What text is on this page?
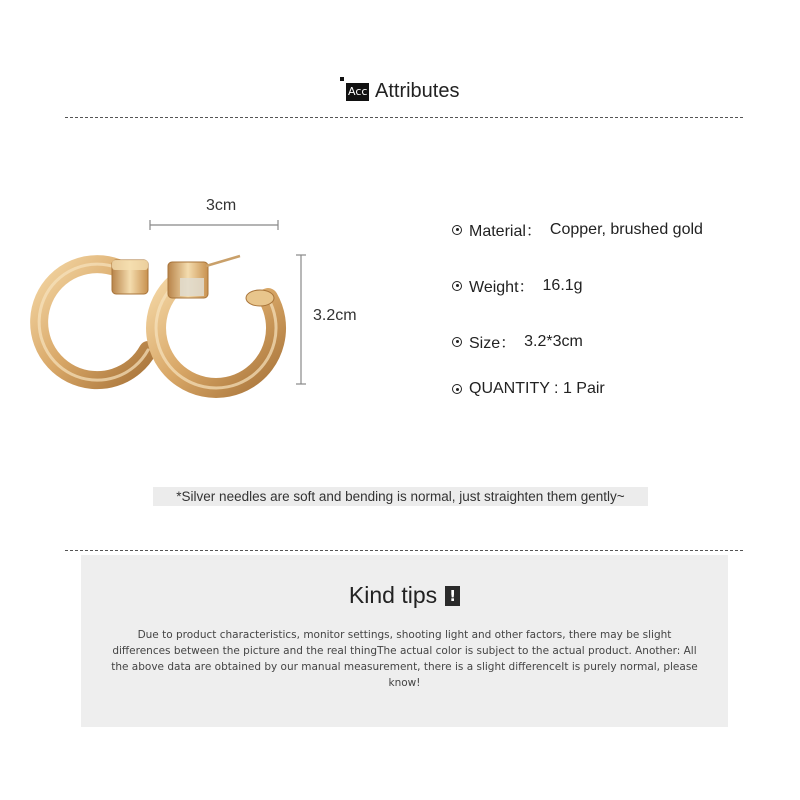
Acc Attributes
3cm
3.2cm
Material： Copper, brushed gold
Weight： 16.1g
Size： 3.2*3cm
QUANTITY : 1 Pair
*Silver needles are soft and bending is normal, just straighten them gently~
Kind tips !
Due to product characteristics, monitor settings, shooting light and other factors, there may be slight differences between the picture and the real thingThe actual color is subject to the actual product. Another: All the above data are obtained by our manual measurement, there is a slight differenceIt is purely normal, please know!
